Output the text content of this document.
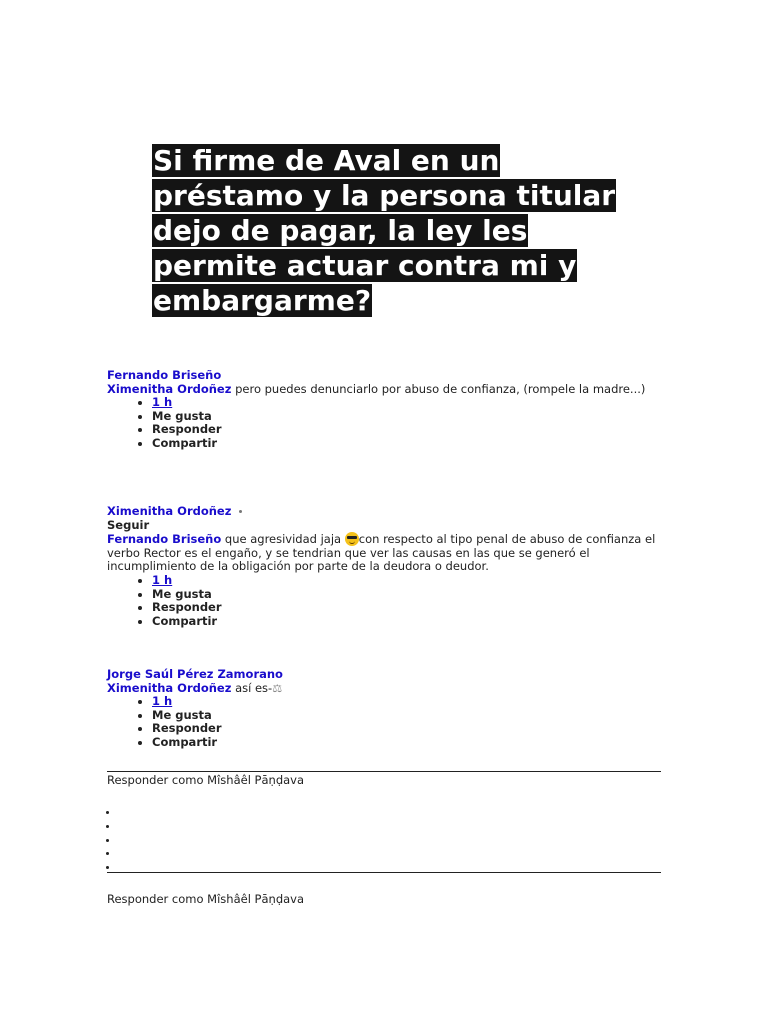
Si firme de Aval en un
préstamo y la persona titular
dejo de pagar, la ley les
permite actuar contra mi y
embargarme?
Fernando Briseño
Ximenitha Ordoñez pero puedes denunciarlo por abuso de confianza, (rompele la madre...)
• 1 h
• Me gusta
• Responder
• Compartir
Ximenitha Ordoñez
Seguir
Fernando Briseño que agresividad jaja con respecto al tipo penal de abuso de confianza el verbo Rector es el engaño, y se tendrian que ver las causas en las que se generó el incumplimiento de la obligación por parte de la deudora o deudor.
• 1 h
• Me gusta
• Responder
• Compartir
Jorge Saúl Pérez Zamorano
Ximenitha Ordoñez así es-⚖
• 1 h
• Me gusta
• Responder
• Compartir
Responder como Mîshâêl Pāṇḍava
Responder como Mîshâêl Pāṇḍava
